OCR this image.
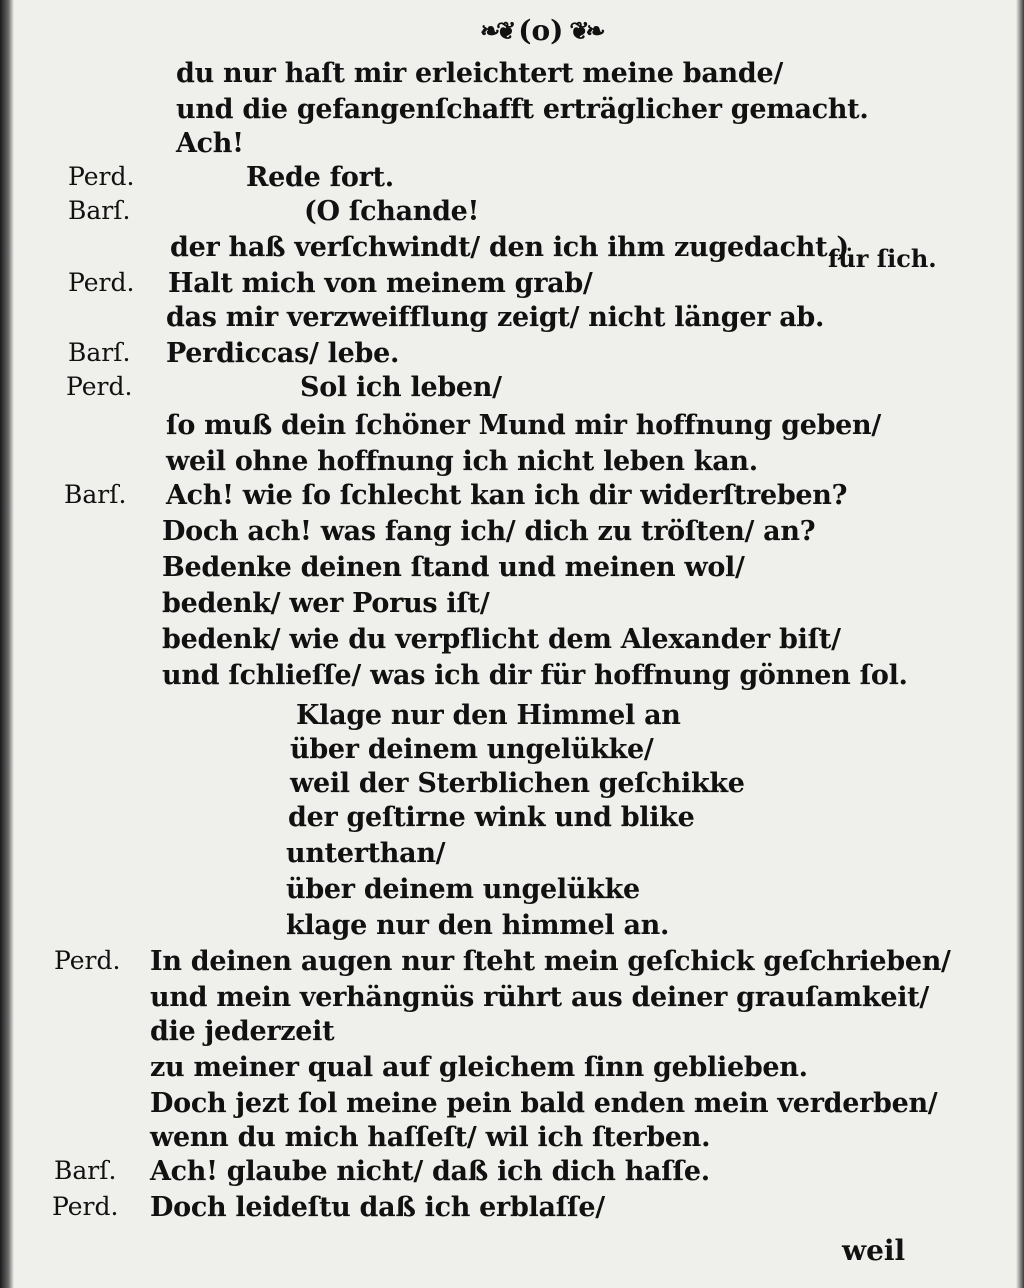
❧❦ (o) ❦❧
Perd.
Barſ.
Perd.
Barſ.
Perd.
Barſ.
Perd.
Barſ.
Perd.
du nur haſt mir erleichtert meine bande/
und die gefangenſchafft erträglicher gemacht.
Ach!
Rede fort.
(O ſchande!
der haß verſchwindt/ den ich ihm zugedacht.)
Halt mich von meinem grab/
das mir verzweifflung zeigt/ nicht länger ab.
Perdiccas/ lebe.
Sol ich leben/
ſo muß dein ſchöner Mund mir hoffnung geben/
weil ohne hoffnung ich nicht leben kan.
Ach! wie ſo ſchlecht kan ich dir widerſtreben?
Doch ach! was fang ich/ dich zu tröſten/ an?
Bedenke deinen ſtand und meinen wol/
bedenk/ wer Porus iſt/
bedenk/ wie du verpflicht dem Alexander biſt/
und ſchlieſſe/ was ich dir für hoffnung gönnen ſol.
Klage nur den Himmel an
über deinem ungelükke/
weil der Sterblichen geſchikke
der geſtirne wink und blike
unterthan/
über deinem ungelükke
klage nur den himmel an.
In deinen augen nur ſteht mein geſchick geſchrieben/
und mein verhängnüs rührt aus deiner grauſamkeit/
die jederzeit
zu meiner qual auf gleichem ſinn geblieben.
Doch jezt ſol meine pein bald enden mein verderben/
wenn du mich haſſeſt/ wil ich ſterben.
Ach! glaube nicht/ daß ich dich haſſe.
Doch leideſtu daß ich erblaſſe/
für ſich.
weil
